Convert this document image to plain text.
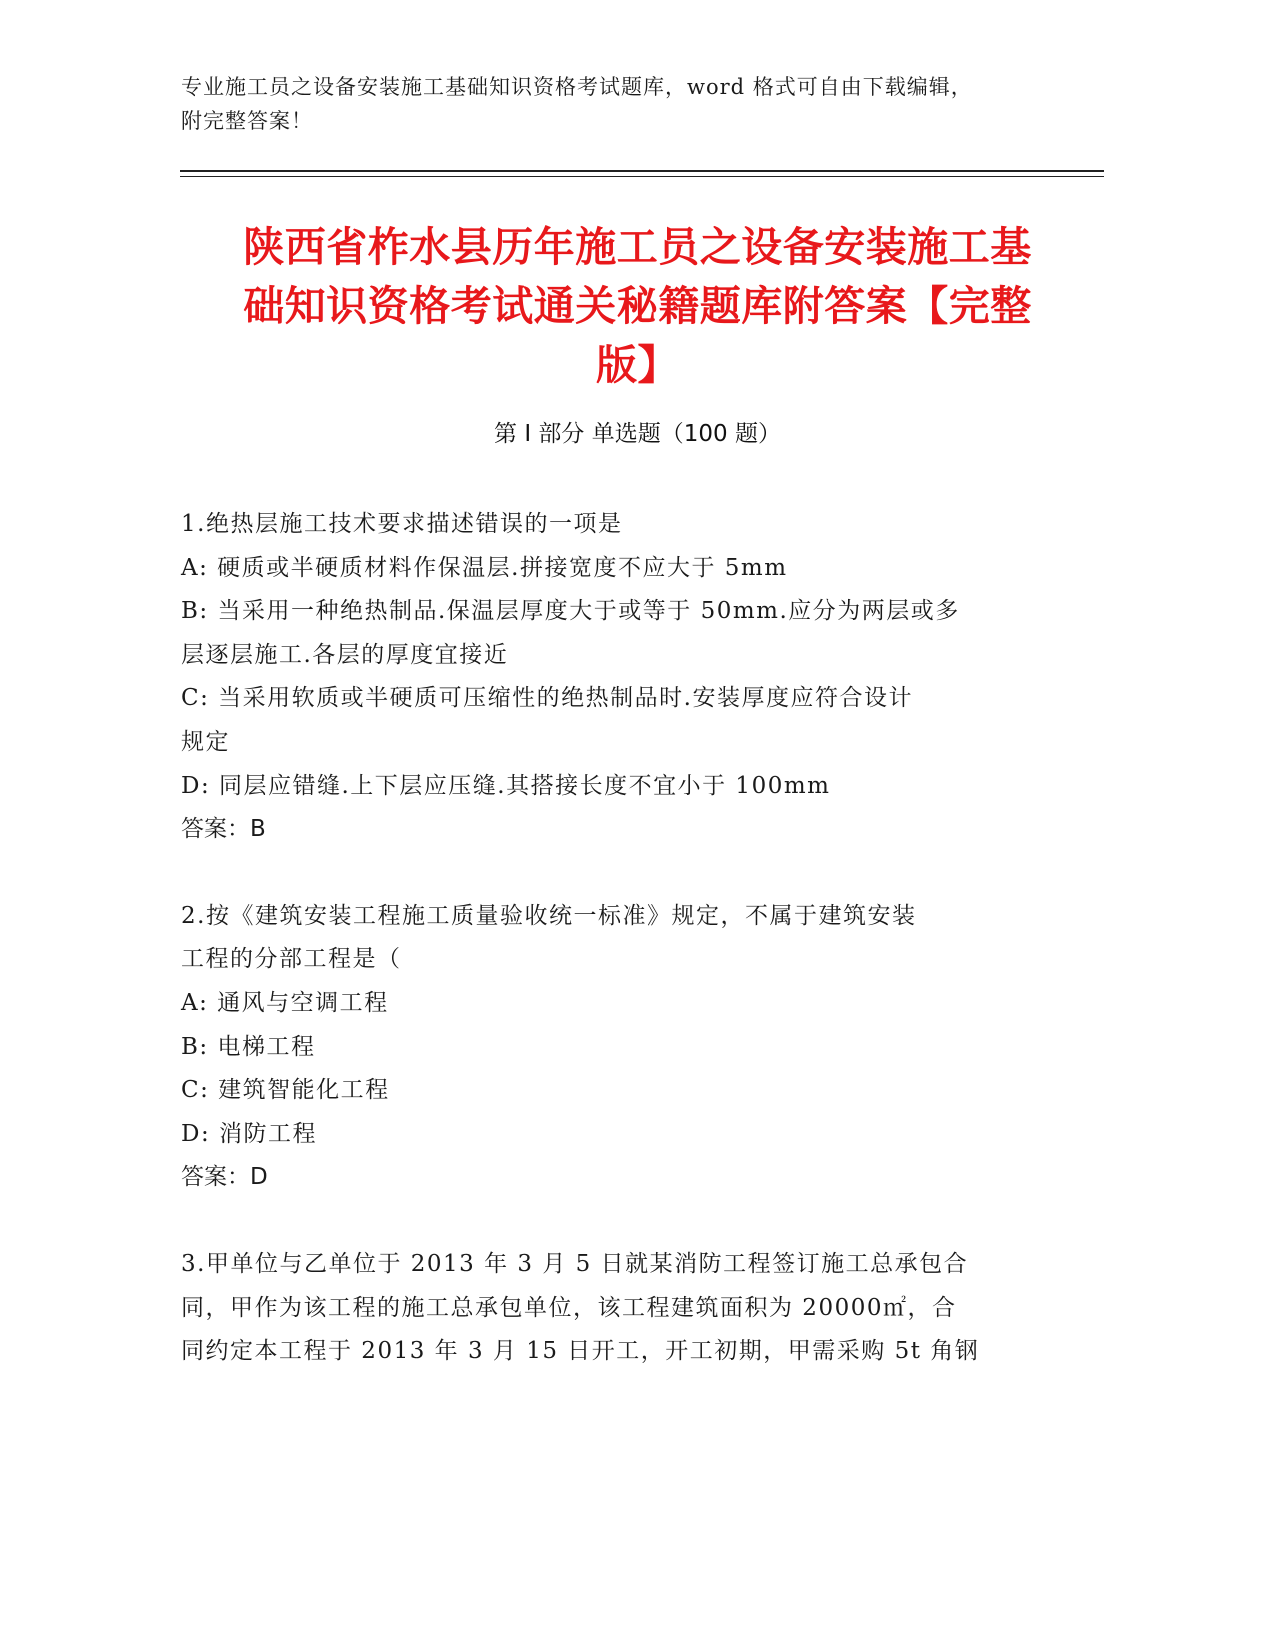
专业施工员之设备安装施工基础知识资格考试题库，word 格式可自由下载编辑，
附完整答案！
陕西省柞水县历年施工员之设备安装施工基
础知识资格考试通关秘籍题库附答案【完整
版】
第 I 部分 单选题（100 题）

1.绝热层施工技术要求描述错误的一项是

A: 硬质或半硬质材料作保温层.拼接宽度不应大于 5mm

B: 当采用一种绝热制品.保温层厚度大于或等于 50mm.应分为两层或多

层逐层施工.各层的厚度宜接近

C: 当采用软质或半硬质可压缩性的绝热制品时.安装厚度应符合设计

规定

D: 同层应错缝.上下层应压缝.其搭接长度不宜小于 100mm

答案：B

2.按《建筑安装工程施工质量验收统一标准》规定，不属于建筑安装

工程的分部工程是（

A: 通风与空调工程

B: 电梯工程

C: 建筑智能化工程

D: 消防工程

答案：D

3.甲单位与乙单位于 2013 年 3 月 5 日就某消防工程签订施工总承包合

同，甲作为该工程的施工总承包单位，该工程建筑面积为 20000㎡，合

同约定本工程于 2013 年 3 月 15 日开工，开工初期，甲需采购 5t 角钢
